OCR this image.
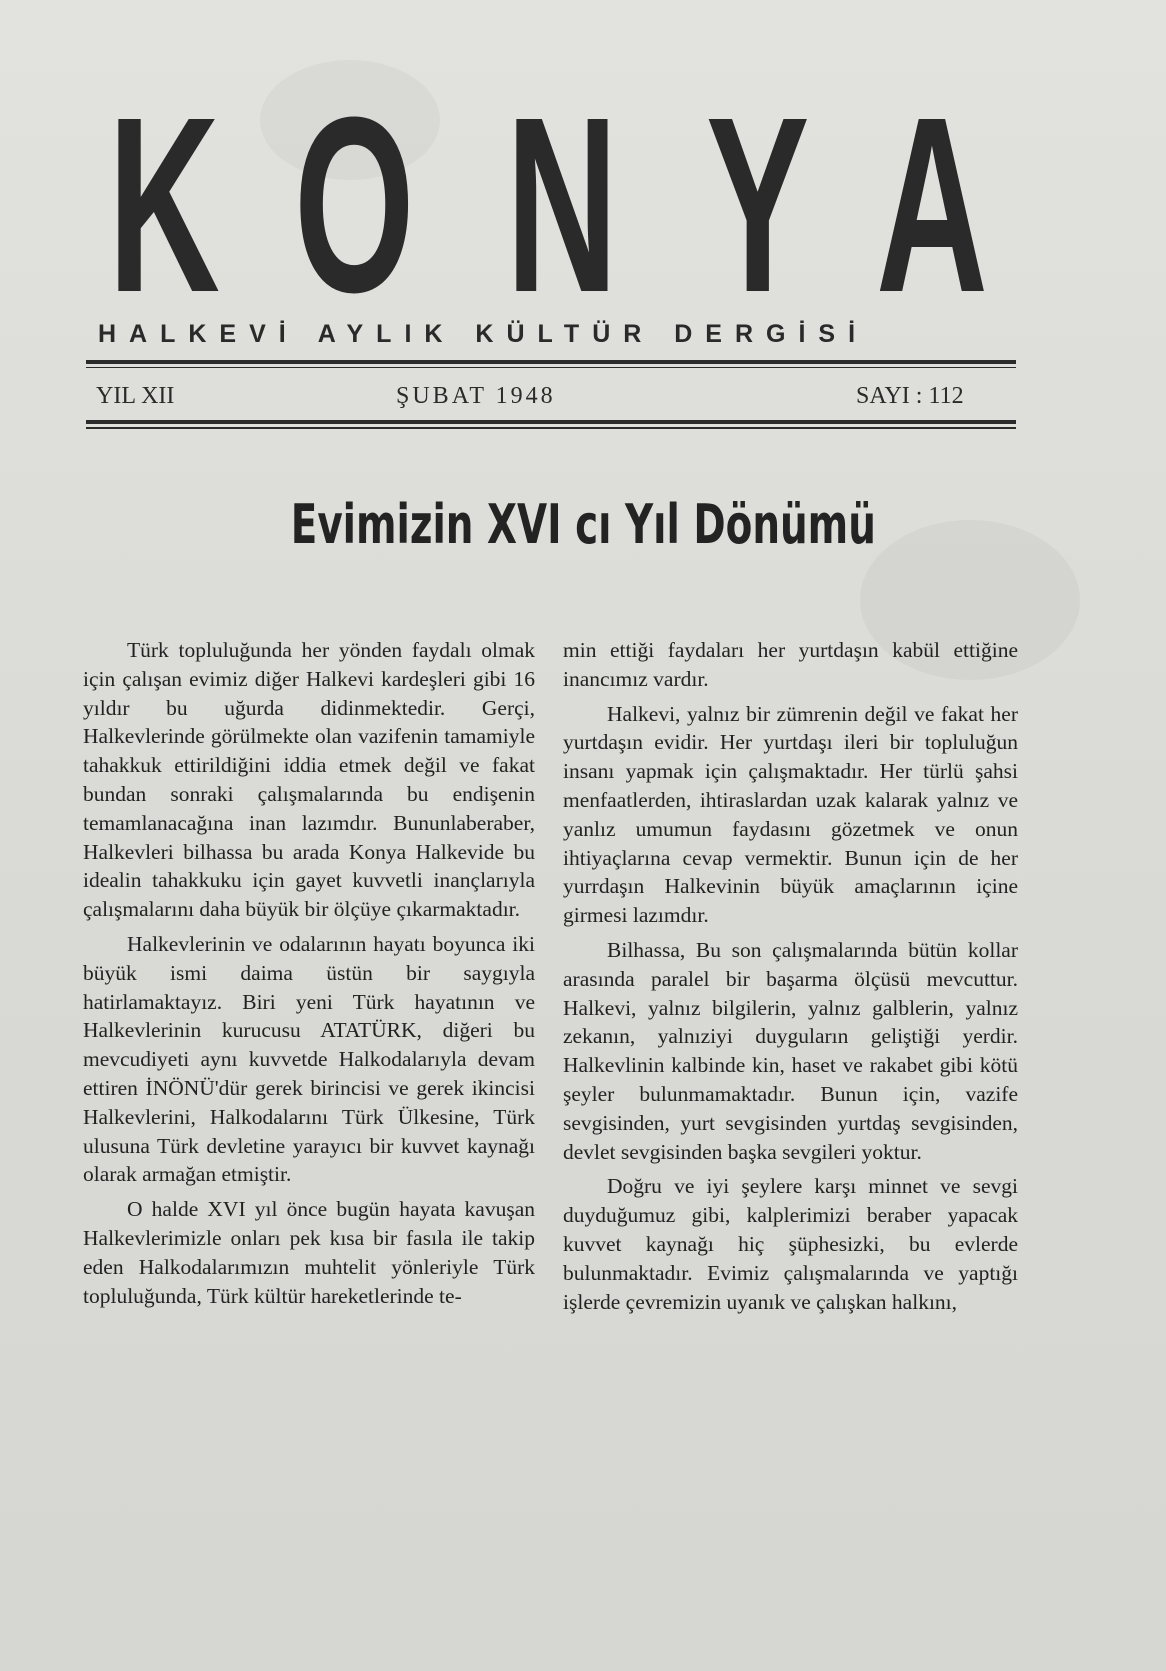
K O N Y A
HALKEVİ AYLIK KÜLTÜR DERGİSİ
YIL XII	ŞUBAT 1948	SAYI : 112
Evimizin XVI cı Yıl Dönümü

Türk topluluğunda her yönden faydalı olmak için çalışan evimiz diğer Halkevi kardeşleri gibi 16 yıldır bu uğurda didinmektedir. Gerçi, Halkevlerinde görülmekte olan vazifenin tamamiyle tahakkuk ettirildiğini iddia etmek değil ve fakat bundan sonraki çalışmalarında bu endişenin temamlanacağına inan lazımdır. Bununlaberaber, Halkevleri bilhassa bu arada Konya Halkevide bu idealin tahakkuku için gayet kuvvetli inançlarıyla çalışmalarını daha büyük bir ölçüye çıkarmaktadır.

Halkevlerinin ve odalarının hayatı boyunca iki büyük ismi daima üstün bir saygıyla hatirlamaktayız. Biri yeni Türk hayatının ve Halkevlerinin kurucusu ATATÜRK, diğeri bu mevcudiyeti aynı kuvvetde Halkodalarıyla devam ettiren İNÖNÜ'dür gerek birincisi ve gerek ikincisi Halkevlerini, Halkodalarını Türk Ülkesine, Türk ulusuna Türk devletine yarayıcı bir kuvvet kaynağı olarak armağan etmiştir.

O halde XVI yıl önce bugün hayata kavuşan Halkevlerimizle onları pek kısa bir fasıla ile takip eden Halkodalarımızın muhtelit yönleriyle Türk topluluğunda, Türk kültür hareketlerinde te-

min ettiği faydaları her yurtdaşın kabül ettiğine inancımız vardır.

Halkevi, yalnız bir zümrenin değil ve fakat her yurtdaşın evidir. Her yurtdaşı ileri bir topluluğun insanı yapmak için çalışmaktadır. Her türlü şahsi menfaatlerden, ihtiraslardan uzak kalarak yalnız ve yanlız umumun faydasını gözetmek ve onun ihtiyaçlarına cevap vermektir. Bunun için de her yurrdaşın Halkevinin büyük amaçlarının içine girmesi lazımdır.

Bilhassa, Bu son çalışmalarında bütün kollar arasında paralel bir başarma ölçüsü mevcuttur. Halkevi, yalnız bilgilerin, yalnız galblerin, yalnız zekanın, yalnıziyi duyguların geliştiği yerdir. Halkevlinin kalbinde kin, haset ve rakabet gibi kötü şeyler bulunmamaktadır. Bunun için, vazife sevgisinden, yurt sevgisinden yurtdaş sevgisinden, devlet sevgisinden başka sevgileri yoktur.

Doğru ve iyi şeylere karşı minnet ve sevgi duyduğumuz gibi, kalplerimizi beraber yapacak kuvvet kaynağı hiç şüphesizki, bu evlerde bulunmaktadır. Evimiz çalışmalarında ve yaptığı işlerde çevremizin uyanık ve çalışkan halkını,
